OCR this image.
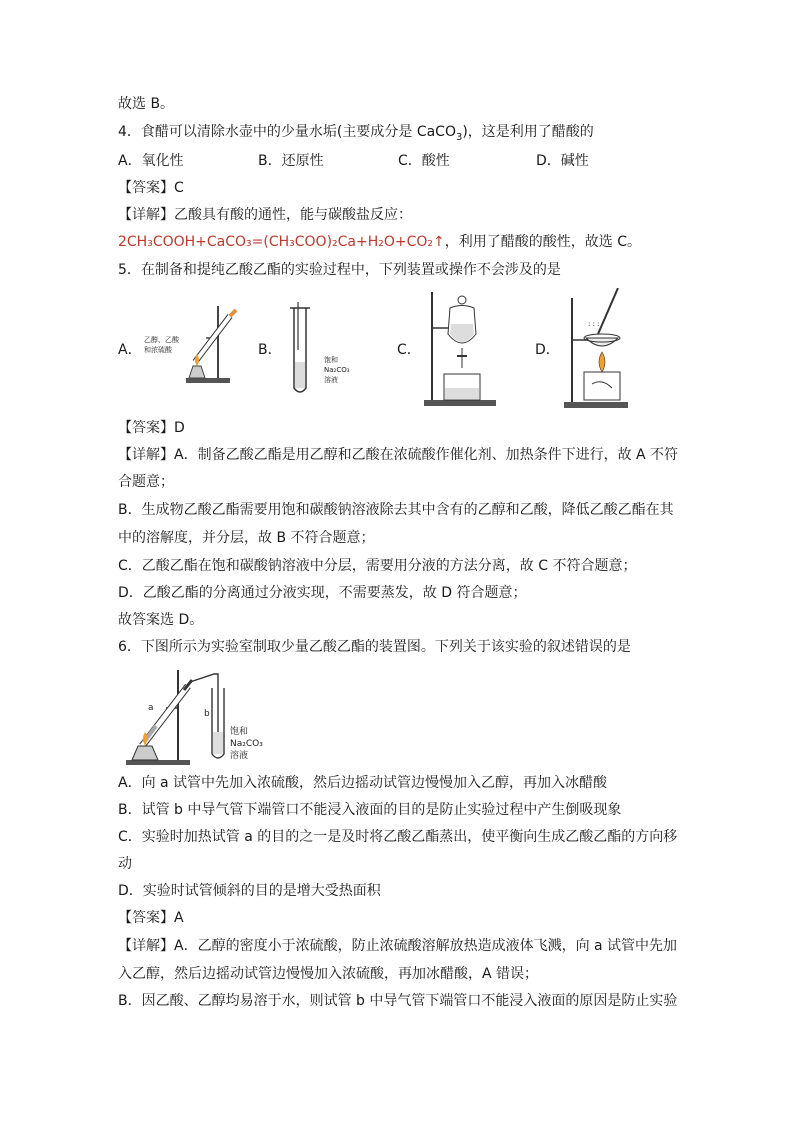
故选 B。
4．食醋可以清除水壶中的少量水垢(主要成分是 CaCO$_3$)，这是利用了醋酸的
A．氧化性	B．还原性	C．酸性	D．碱性
【答案】C
【详解】乙酸具有酸的通性，能与碳酸盐反应：
2CH₃COOH+CaCO₃=(CH₃COO)₂Ca+H₂O+CO₂↑，利用了醋酸的酸性，故选 C。
5．在制备和提纯乙酸乙酯的实验过程中，下列装置或操作不会涉及的是
A．	B．	C．	D．
乙醇、乙酸
和浓硫酸
饱和
Na₂CO₃
溶液
: : :
【答案】D
【详解】A．制备乙酸乙酯是用乙醇和乙酸在浓硫酸作催化剂、加热条件下进行，故 A 不符
合题意；
B．生成物乙酸乙酯需要用饱和碳酸钠溶液除去其中含有的乙醇和乙酸，降低乙酸乙酯在其
中的溶解度，并分层，故 B 不符合题意；
C．乙酸乙酯在饱和碳酸钠溶液中分层，需要用分液的方法分离，故 C 不符合题意；
D．乙酸乙酯的分离通过分液实现，不需要蒸发，故 D 符合题意；
故答案选 D。
6．下图所示为实验室制取少量乙酸乙酯的装置图。下列关于该实验的叙述错误的是
a
b
饱和
Na₂CO₃
溶液
A．向 a 试管中先加入浓硫酸，然后边摇动试管边慢慢加入乙醇，再加入冰醋酸
B．试管 b 中导气管下端管口不能浸入液面的目的是防止实验过程中产生倒吸现象
C．实验时加热试管 a 的目的之一是及时将乙酸乙酯蒸出，使平衡向生成乙酸乙酯的方向移
动
D．实验时试管倾斜的目的是增大受热面积
【答案】A
【详解】A．乙醇的密度小于浓硫酸，防止浓硫酸溶解放热造成液体飞溅，向 a 试管中先加
入乙醇，然后边摇动试管边慢慢加入浓硫酸，再加冰醋酸，A 错误；
B．因乙酸、乙醇均易溶于水，则试管 b 中导气管下端管口不能浸入液面的原因是防止实验
